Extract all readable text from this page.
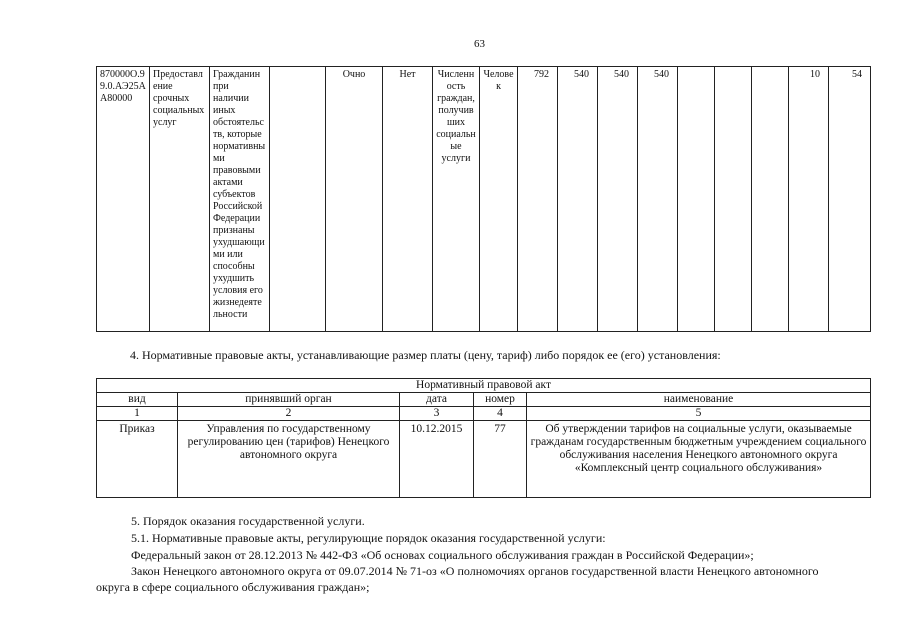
63
870000О.99.0.АЭ25АА80000	Предоставление срочных социальных услуг	Гражданин при наличии иных обстоятельств, которые нормативными правовыми актами субъектов Российской Федерации признаны ухудшающими или способны ухудшить условия его жизнедеятельности		Очно	Нет	Численность граждан, получивших социальные услуги	Человек	792	540	540	540				10	54
4. Нормативные правовые акты, устанавливающие размер платы (цену, тариф) либо порядок ее (его) установления:
Нормативный правовой акт				
вид	принявший орган	дата	номер	наименование
1	2	3	4	5
Приказ	Управления по государственному регулированию цен (тарифов) Ненецкого автономного округа	10.12.2015	77	Об утверждении тарифов на социальные услуги, оказываемые гражданам государственным бюджетным учреждением социального обслуживания населения Ненецкого автономного округа «Комплексный центр социального обслуживания»
5. Порядок оказания государственной услуги.
5.1. Нормативные правовые акты, регулирующие порядок оказания государственной услуги:
Федеральный закон от 28.12.2013 № 442-ФЗ «Об основах социального обслуживания граждан в Российской Федерации»;
Закон Ненецкого автономного округа от 09.07.2014 № 71-оз «О полномочиях органов государственной власти Ненецкого автономного
округа в сфере социального обслуживания граждан»;
